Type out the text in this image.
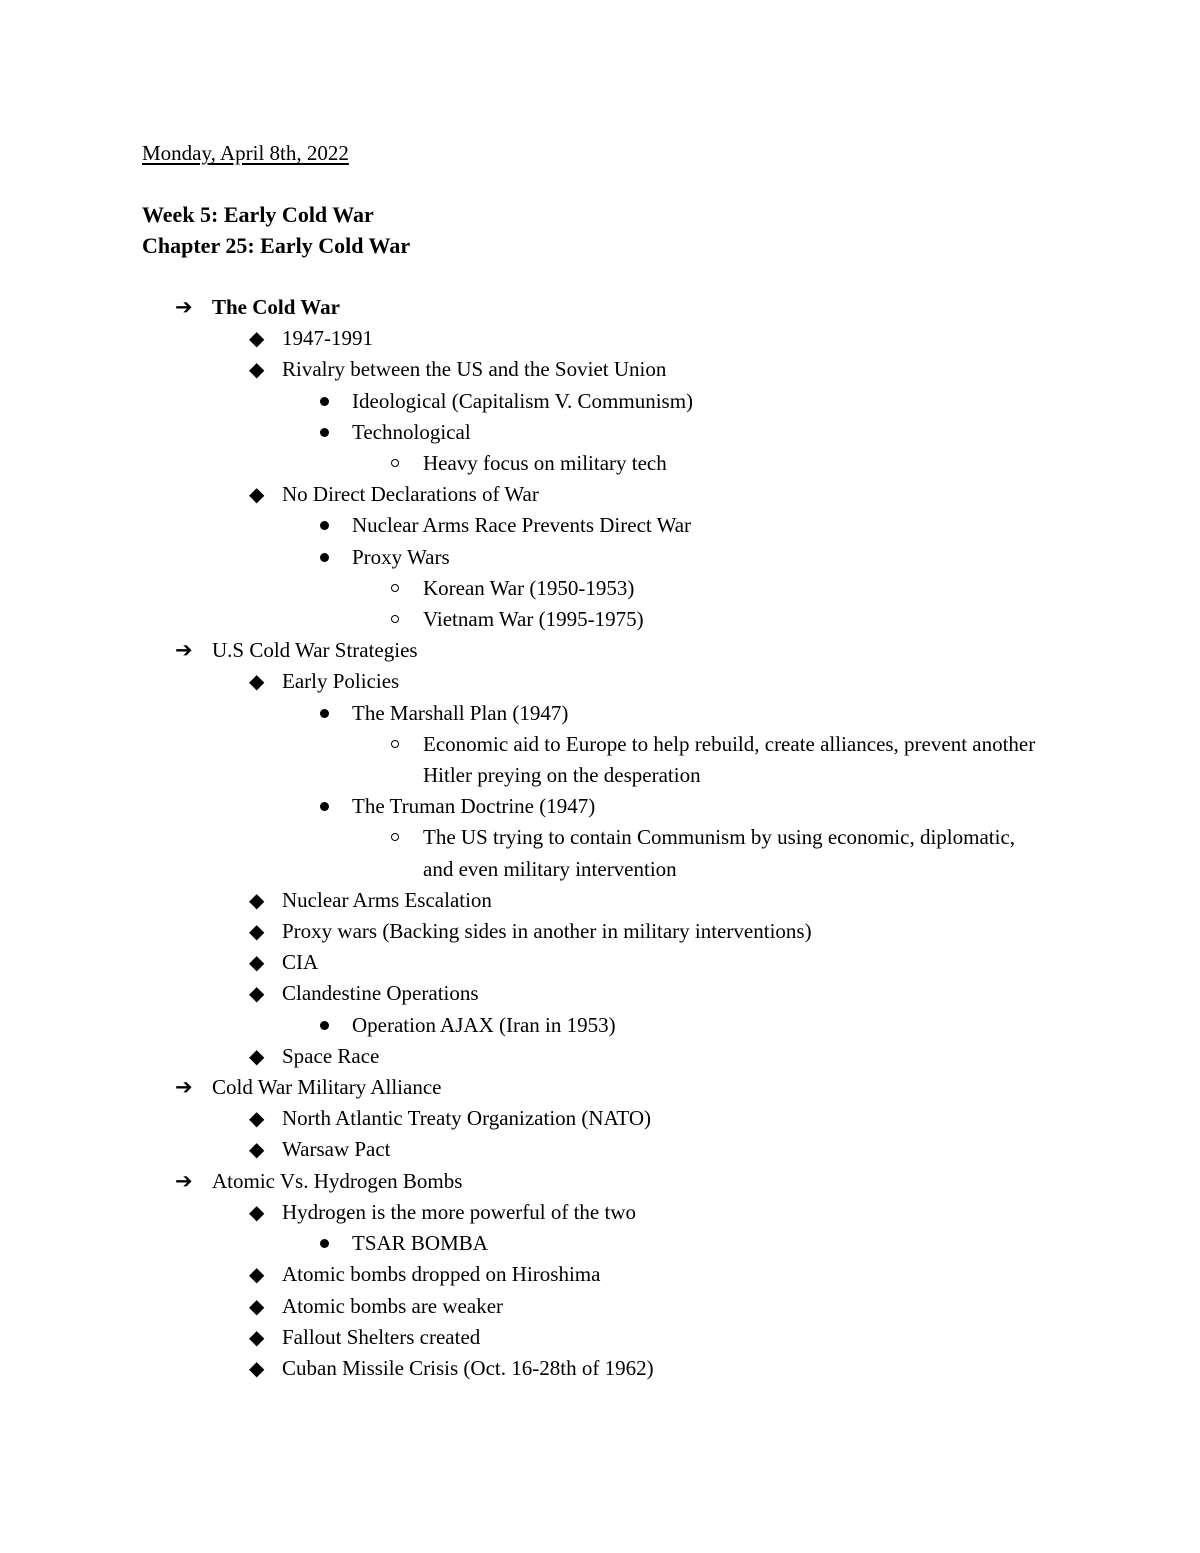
Monday, April 8th, 2022
Week 5: Early Cold War
Chapter 25: Early Cold War
➔ The Cold War
◆ 1947-1991
◆ Rivalry between the US and the Soviet Union
Ideological (Capitalism V. Communism)
Technological
Heavy focus on military tech
◆ No Direct Declarations of War
Nuclear Arms Race Prevents Direct War
Proxy Wars
Korean War (1950-1953)
Vietnam War (1995-1975)
➔ U.S Cold War Strategies
◆ Early Policies
The Marshall Plan (1947)
Economic aid to Europe to help rebuild, create alliances, prevent another Hitler preying on the desperation
The Truman Doctrine (1947)
The US trying to contain Communism by using economic, diplomatic, and even military intervention
◆ Nuclear Arms Escalation
◆ Proxy wars (Backing sides in another in military interventions)
◆ CIA
◆ Clandestine Operations
Operation AJAX (Iran in 1953)
◆ Space Race
➔ Cold War Military Alliance
◆ North Atlantic Treaty Organization (NATO)
◆ Warsaw Pact
➔ Atomic Vs. Hydrogen Bombs
◆ Hydrogen is the more powerful of the two
TSAR BOMBA
◆ Atomic bombs dropped on Hiroshima
◆ Atomic bombs are weaker
◆ Fallout Shelters created
◆ Cuban Missile Crisis (Oct. 16-28th of 1962)
